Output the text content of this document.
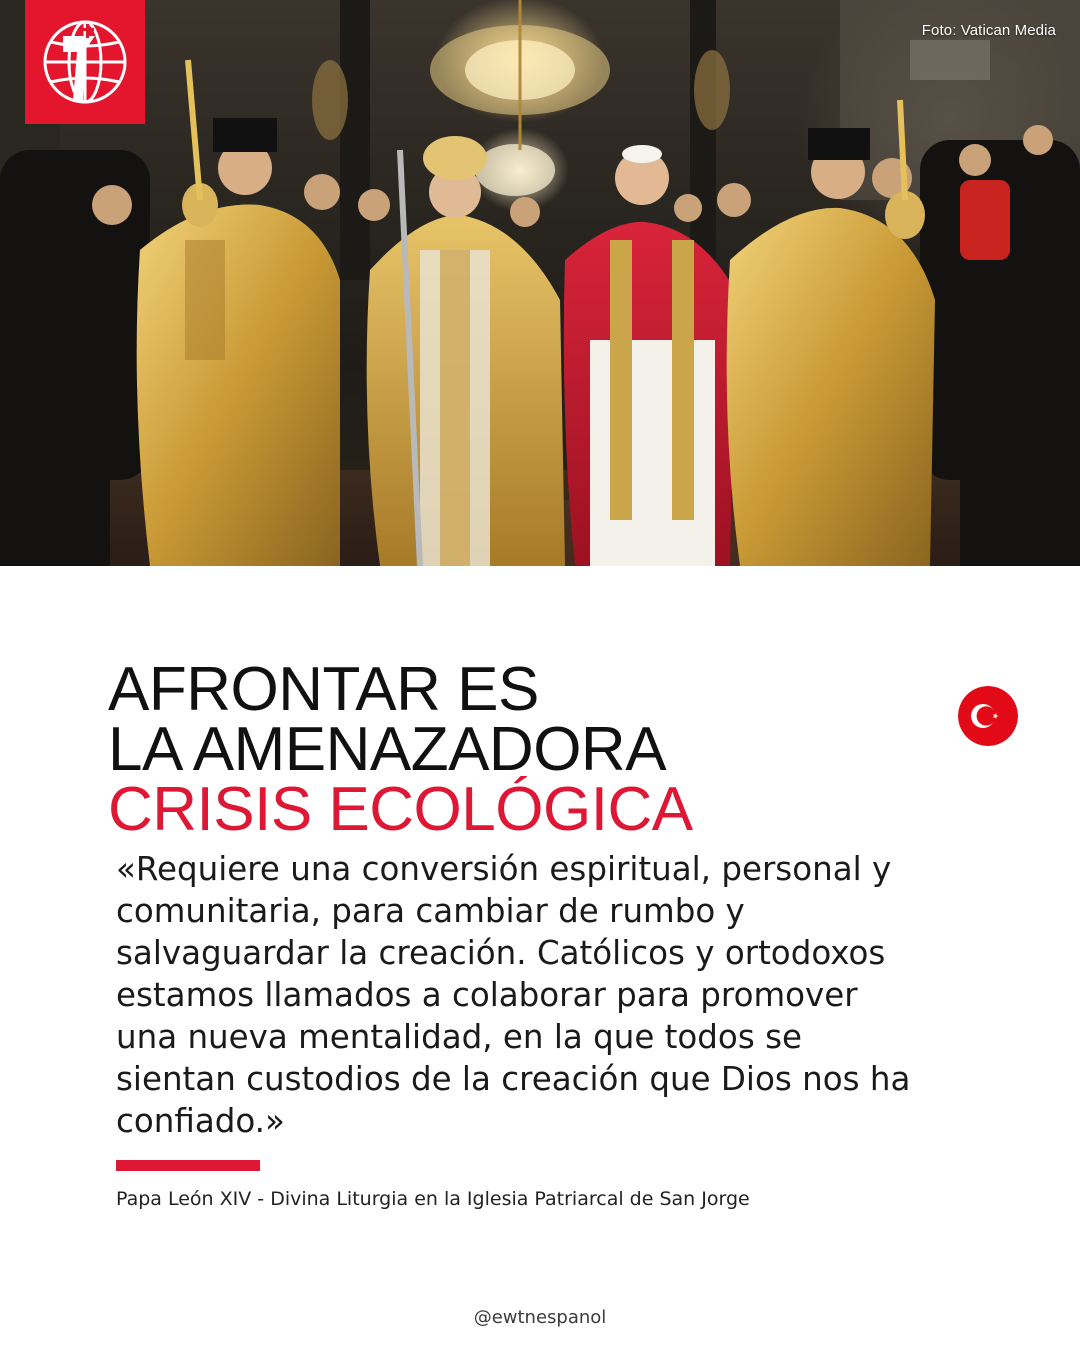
Foto: Vatican Media
AFRONTAR ES
LA AMENAZADORA
CRISIS ECOLÓGICA

«Requiere una conversión espiritual, personal y comunitaria, para cambiar de rumbo y salvaguardar la creación. Católicos y ortodoxos estamos llamados a colaborar para promover una nueva mentalidad, en la que todos se sientan custodios de la creación que Dios nos ha confiado.»

Papa León XIV - Divina Liturgia en la Iglesia Patriarcal de San Jorge

@ewtnespanol
